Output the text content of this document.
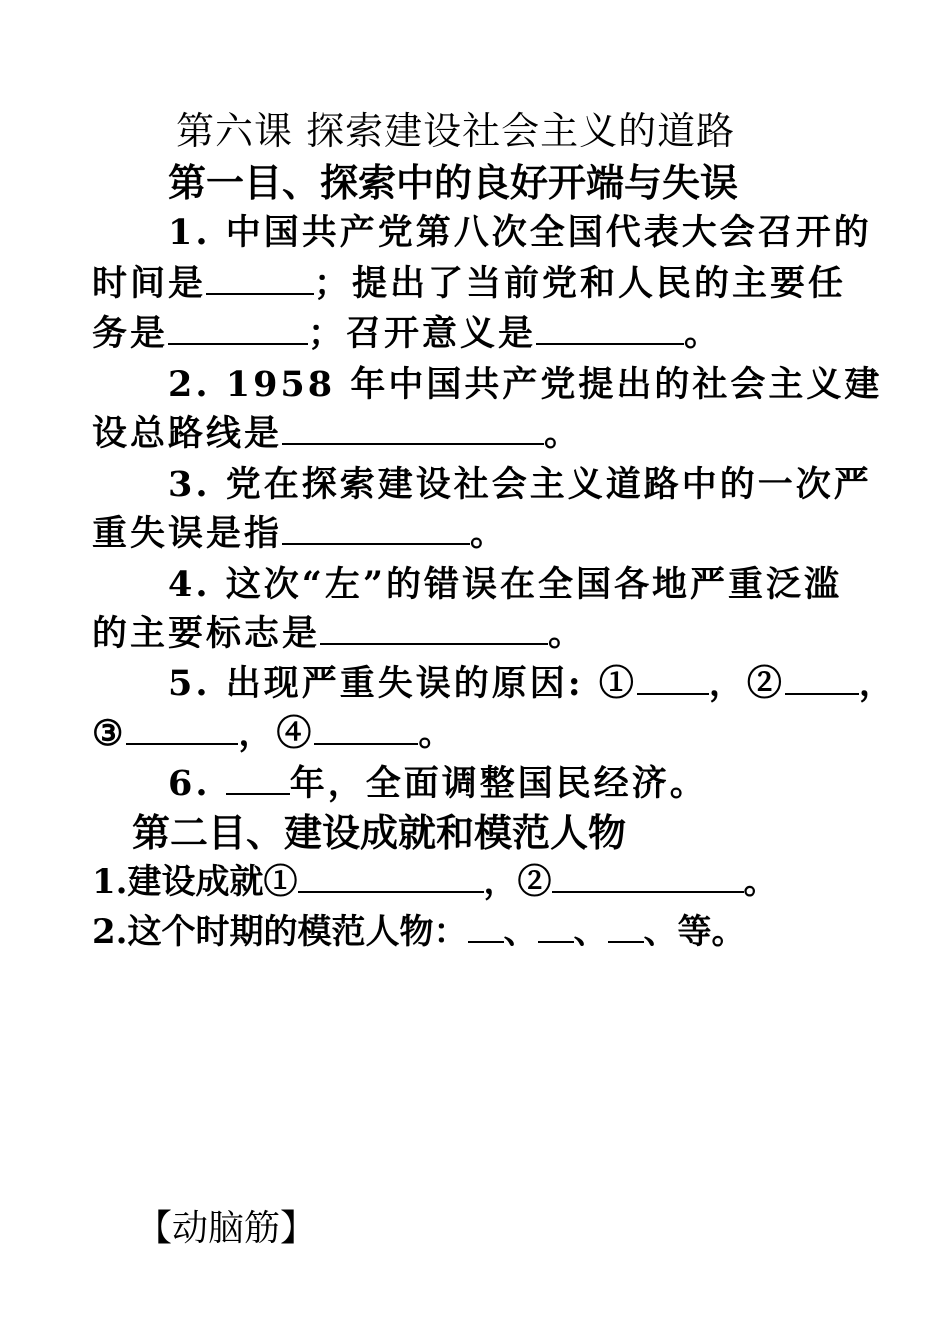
第六课 探索建设社会主义的道路
第一目、探索中的良好开端与失误
1. 中国共产党第八次全国代表大会召开的
时间是	；提出了当前党和人民的主要任
务是	；召开意义是	。
2. 1958 年中国共产党提出的社会主义建
设总路线是	。
3. 党在探索建设社会主义道路中的一次严
重失误是指	。
4. 这次“左”的错误在全国各地严重泛滥
的主要标志是	。
5. 出现严重失误的原因: ① ，② ，
③	，④	。
6. 年，全面调整国民经济。
第二目、建设成就和模范人物
1.建设成就①	，②	。
2.这个时期的模范人物： 、 、 、等。
【动脑筋】
